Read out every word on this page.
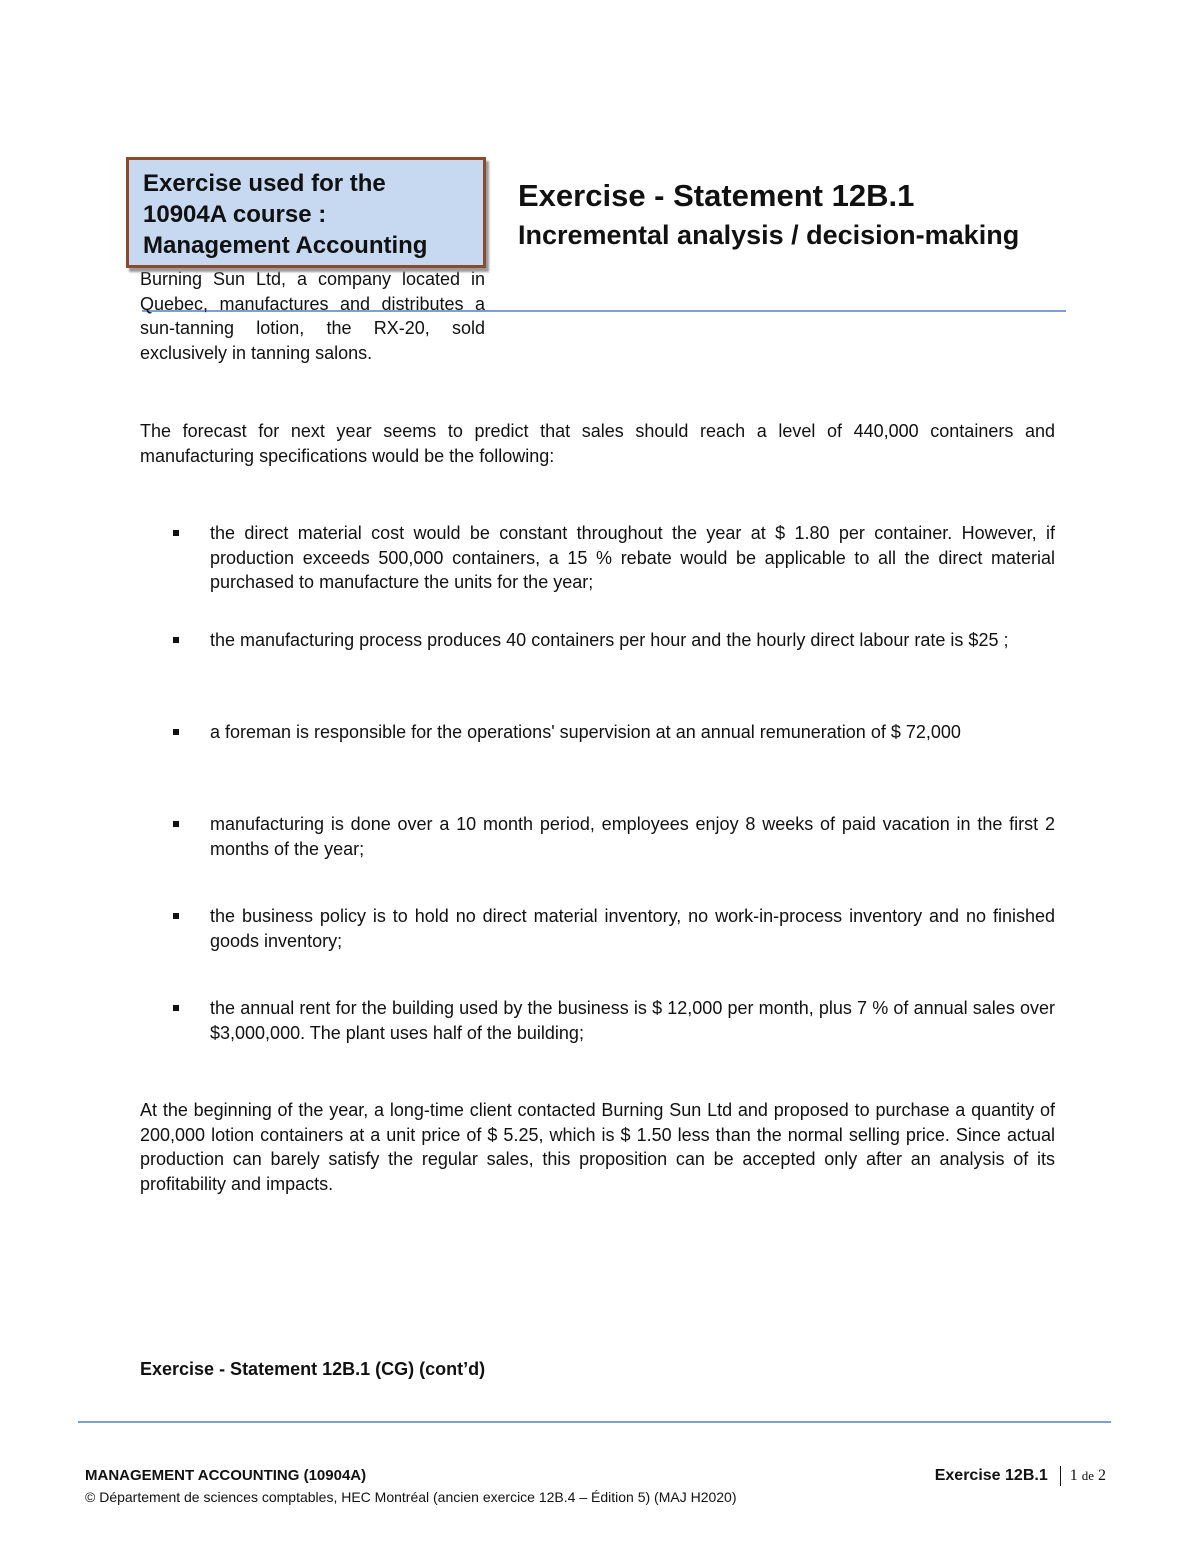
Exercise used for the
10904A course :
Management Accounting

Burning Sun Ltd, a company located in Quebec, manufactures and distributes a sun-tanning lotion, the RX-20, sold exclusively in tanning salons.

Exercise - Statement 12B.1
Incremental analysis / decision-making

The forecast for next year seems to predict that sales should reach a level of 440,000 containers and manufacturing specifications would be the following:

the direct material cost would be constant throughout the year at $ 1.80 per container. However, if production exceeds 500,000 containers, a 15 % rebate would be applicable to all the direct material purchased to manufacture the units for the year;

the manufacturing process produces 40 containers per hour and the hourly direct labour rate is $25 ;

a foreman is responsible for the operations' supervision at an annual remuneration of $ 72,000

manufacturing is done over a 10 month period, employees enjoy 8 weeks of paid vacation in the first 2 months of the year;

the business policy is to hold no direct material inventory, no work-in-process inventory and no finished goods inventory;

the annual rent for the building used by the business is $ 12,000 per month, plus 7 % of annual sales over $3,000,000. The plant uses half of the building;

At the beginning of the year, a long-time client contacted Burning Sun Ltd and proposed to purchase a quantity of 200,000 lotion containers at a unit price of $ 5.25, which is $ 1.50 less than the normal selling price. Since actual production can barely satisfy the regular sales, this proposition can be accepted only after an analysis of its profitability and impacts.

Exercise - Statement 12B.1 (CG) (cont’d)

MANAGEMENT ACCOUNTING (10904A)
© Département de sciences comptables, HEC Montréal (ancien exercice 12B.4 – Édition 5) (MAJ H2020)
Exercise 12B.1 1 de 2
